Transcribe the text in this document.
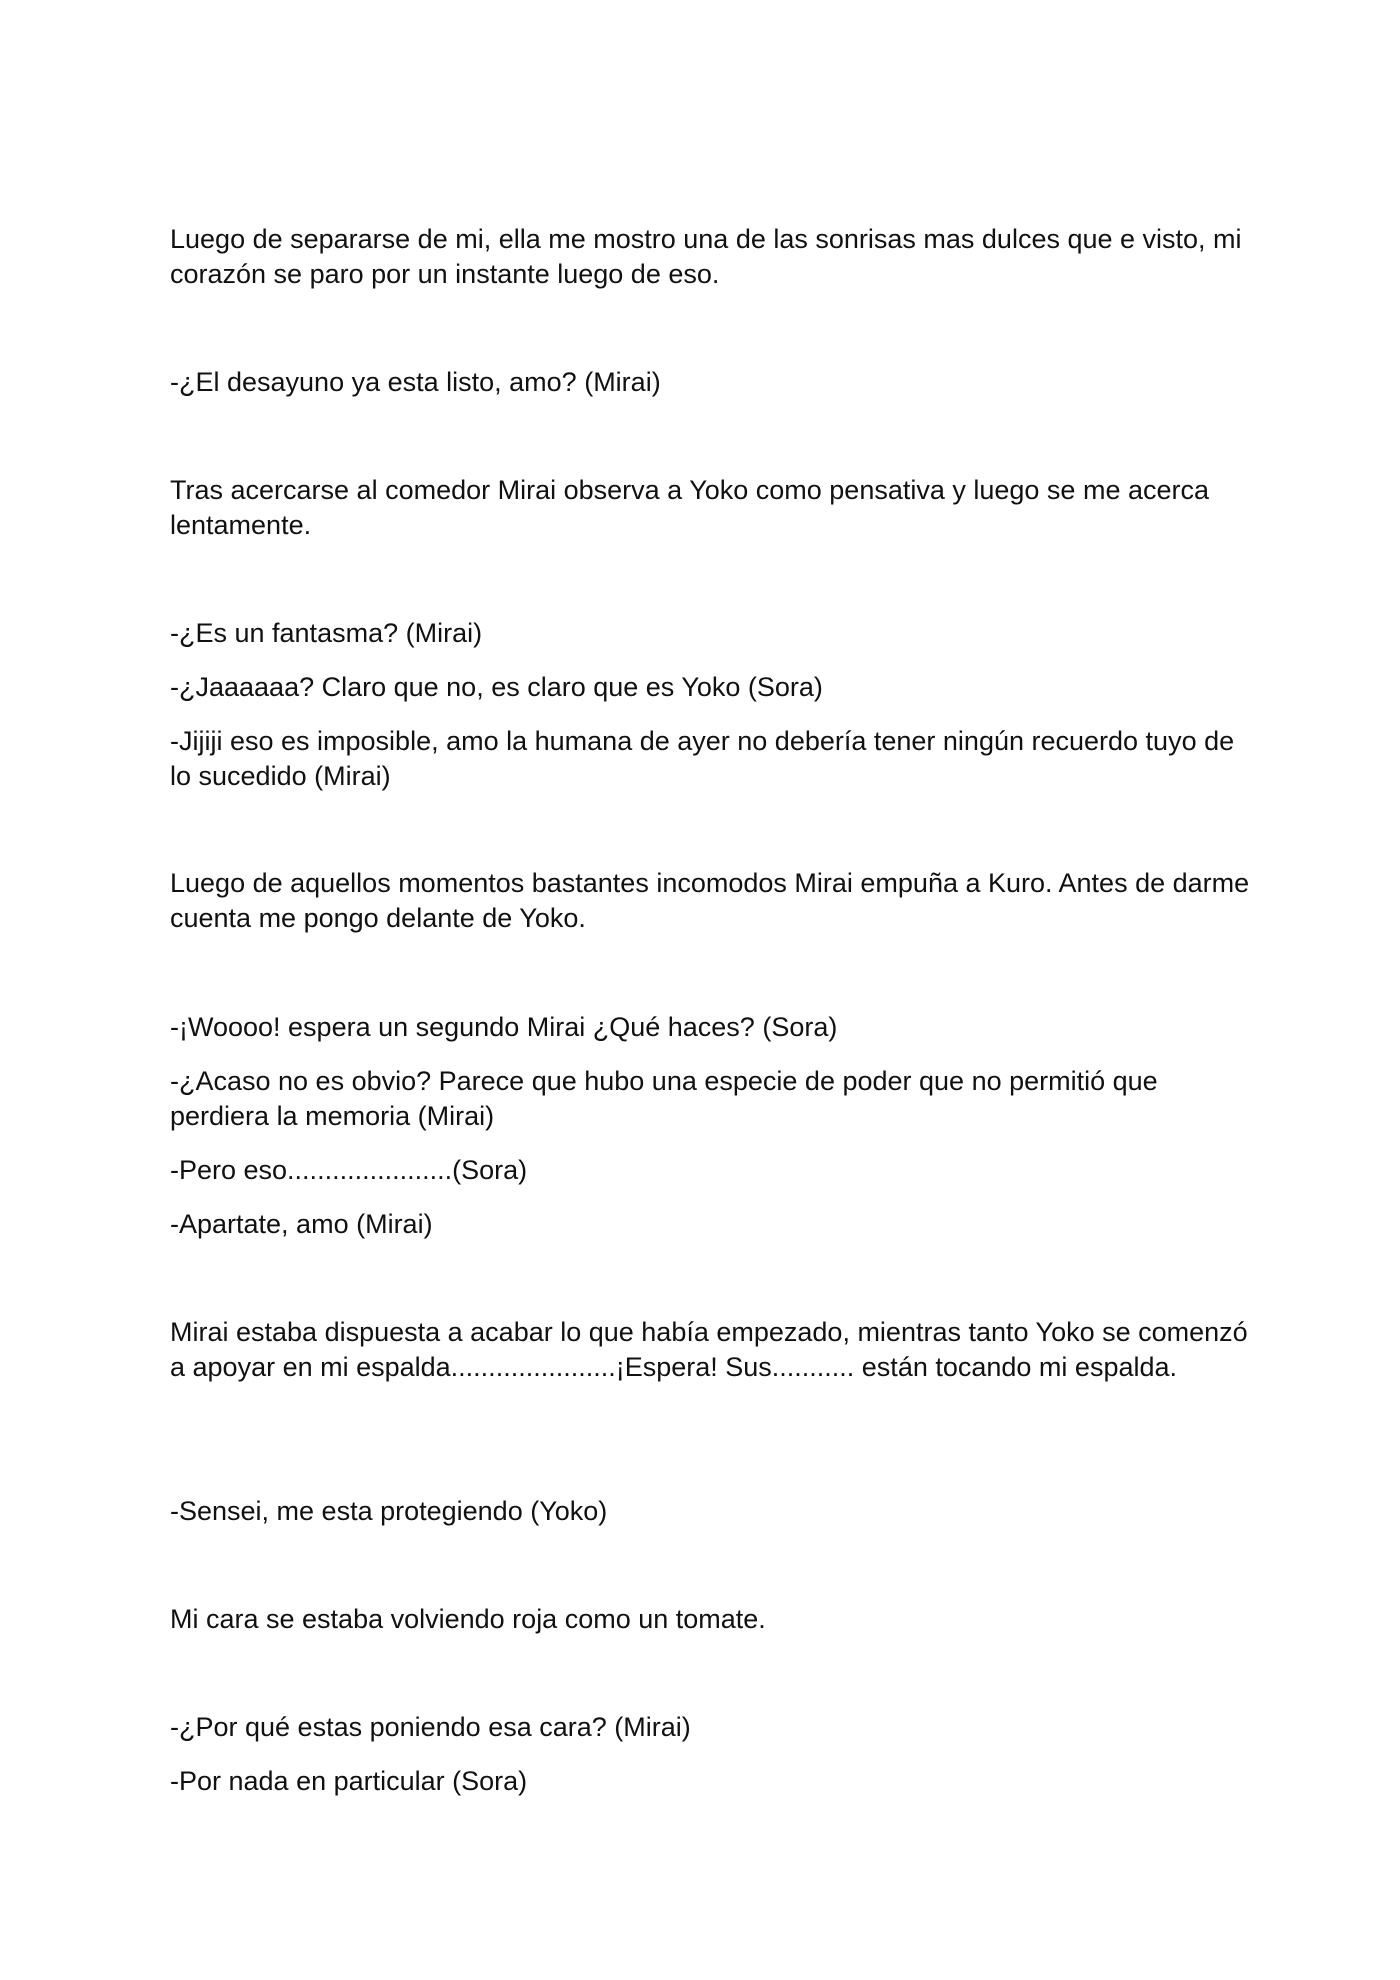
Luego de separarse de mi, ella me mostro una de las sonrisas mas dulces que e visto, mi corazón se paro por un instante luego de eso.

-¿El desayuno ya esta listo, amo? (Mirai)

Tras acercarse al comedor Mirai observa a Yoko como pensativa y luego se me acerca lentamente.

-¿Es un fantasma? (Mirai)

-¿Jaaaaaa? Claro que no, es claro que es Yoko (Sora)

-Jijiji eso es imposible, amo la humana de ayer no debería tener ningún recuerdo tuyo de lo sucedido (Mirai)

Luego de aquellos momentos bastantes incomodos Mirai empuña a Kuro. Antes de darme cuenta me pongo delante de Yoko.

-¡Woooo! espera un segundo Mirai ¿Qué haces? (Sora)

-¿Acaso no es obvio? Parece que hubo una especie de poder que no permitió que perdiera la memoria (Mirai)

-Pero eso......................(Sora)

-Apartate, amo (Mirai)

Mirai estaba dispuesta a acabar lo que había empezado, mientras tanto Yoko se comenzó a apoyar en mi espalda......................¡Espera! Sus........... están tocando mi espalda.

-Sensei, me esta protegiendo (Yoko)

Mi cara se estaba volviendo roja como un tomate.

-¿Por qué estas poniendo esa cara? (Mirai)

-Por nada en particular (Sora)
